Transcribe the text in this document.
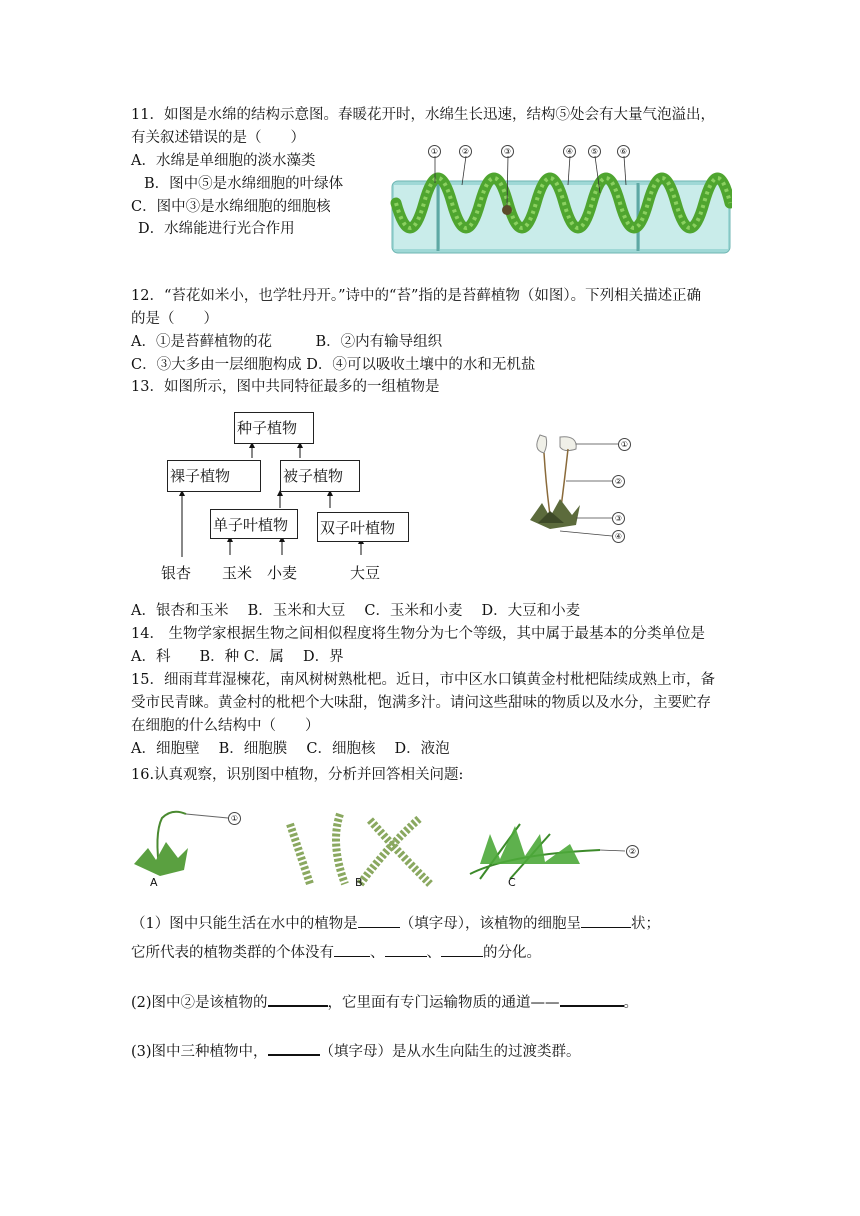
11．如图是水绵的结构示意图。春暖花开时，水绵生长迅速，结构⑤处会有大量气泡溢出，
有关叙述错误的是（　　）
A．水绵是单细胞的淡水藻类
B．图中⑤是水绵细胞的叶绿体
C．图中③是水绵细胞的细胞核
D．水绵能进行光合作用
①	②	③	④	⑤	⑥
12．“苔花如米小，也学牡丹开。”诗中的“苔”指的是苔藓植物（如图）。下列相关描述正确
的是（　　）
A．①是苔藓植物的花　　　B．②内有输导组织
C．③大多由一层细胞构成 D．④可以吸收土壤中的水和无机盐
13．如图所示，图中共同特征最多的一组植物是
种子植物
裸子植物	被子植物
单子叶植物	双子叶植物
银杏 玉米 小麦	大豆
①
②
③
④
A．银杏和玉米　 B．玉米和大豆　 C．玉米和小麦　 D．大豆和小麦
14． 生物学家根据生物之间相似程度将生物分为七个等级，其中属于最基本的分类单位是
A．科　　B．种 C．属　 D．界
15．细雨茸茸湿楝花，南风树树熟枇杷。近日，市中区水口镇黄金村枇杷陆续成熟上市，备
受市民青睐。黄金村的枇杷个大味甜，饱满多汁。请问这些甜味的物质以及水分，主要贮存
在细胞的什么结构中（　　）
A．细胞壁　 B．细胞膜　 C．细胞核　 D．液泡
16.认真观察，识别图中植物，分析并回答相关问题:
A	B	C
①
②
（1）图中只能生活在水中的植物是	（填字母），该植物的细胞呈	状；
它所代表的植物类群的个体没有 、	、	的分化。
(2)图中②是该植物的	，它里面有专门运输物质的通道——	。
(3)图中三种植物中，	（填字母）是从水生向陆生的过渡类群。
